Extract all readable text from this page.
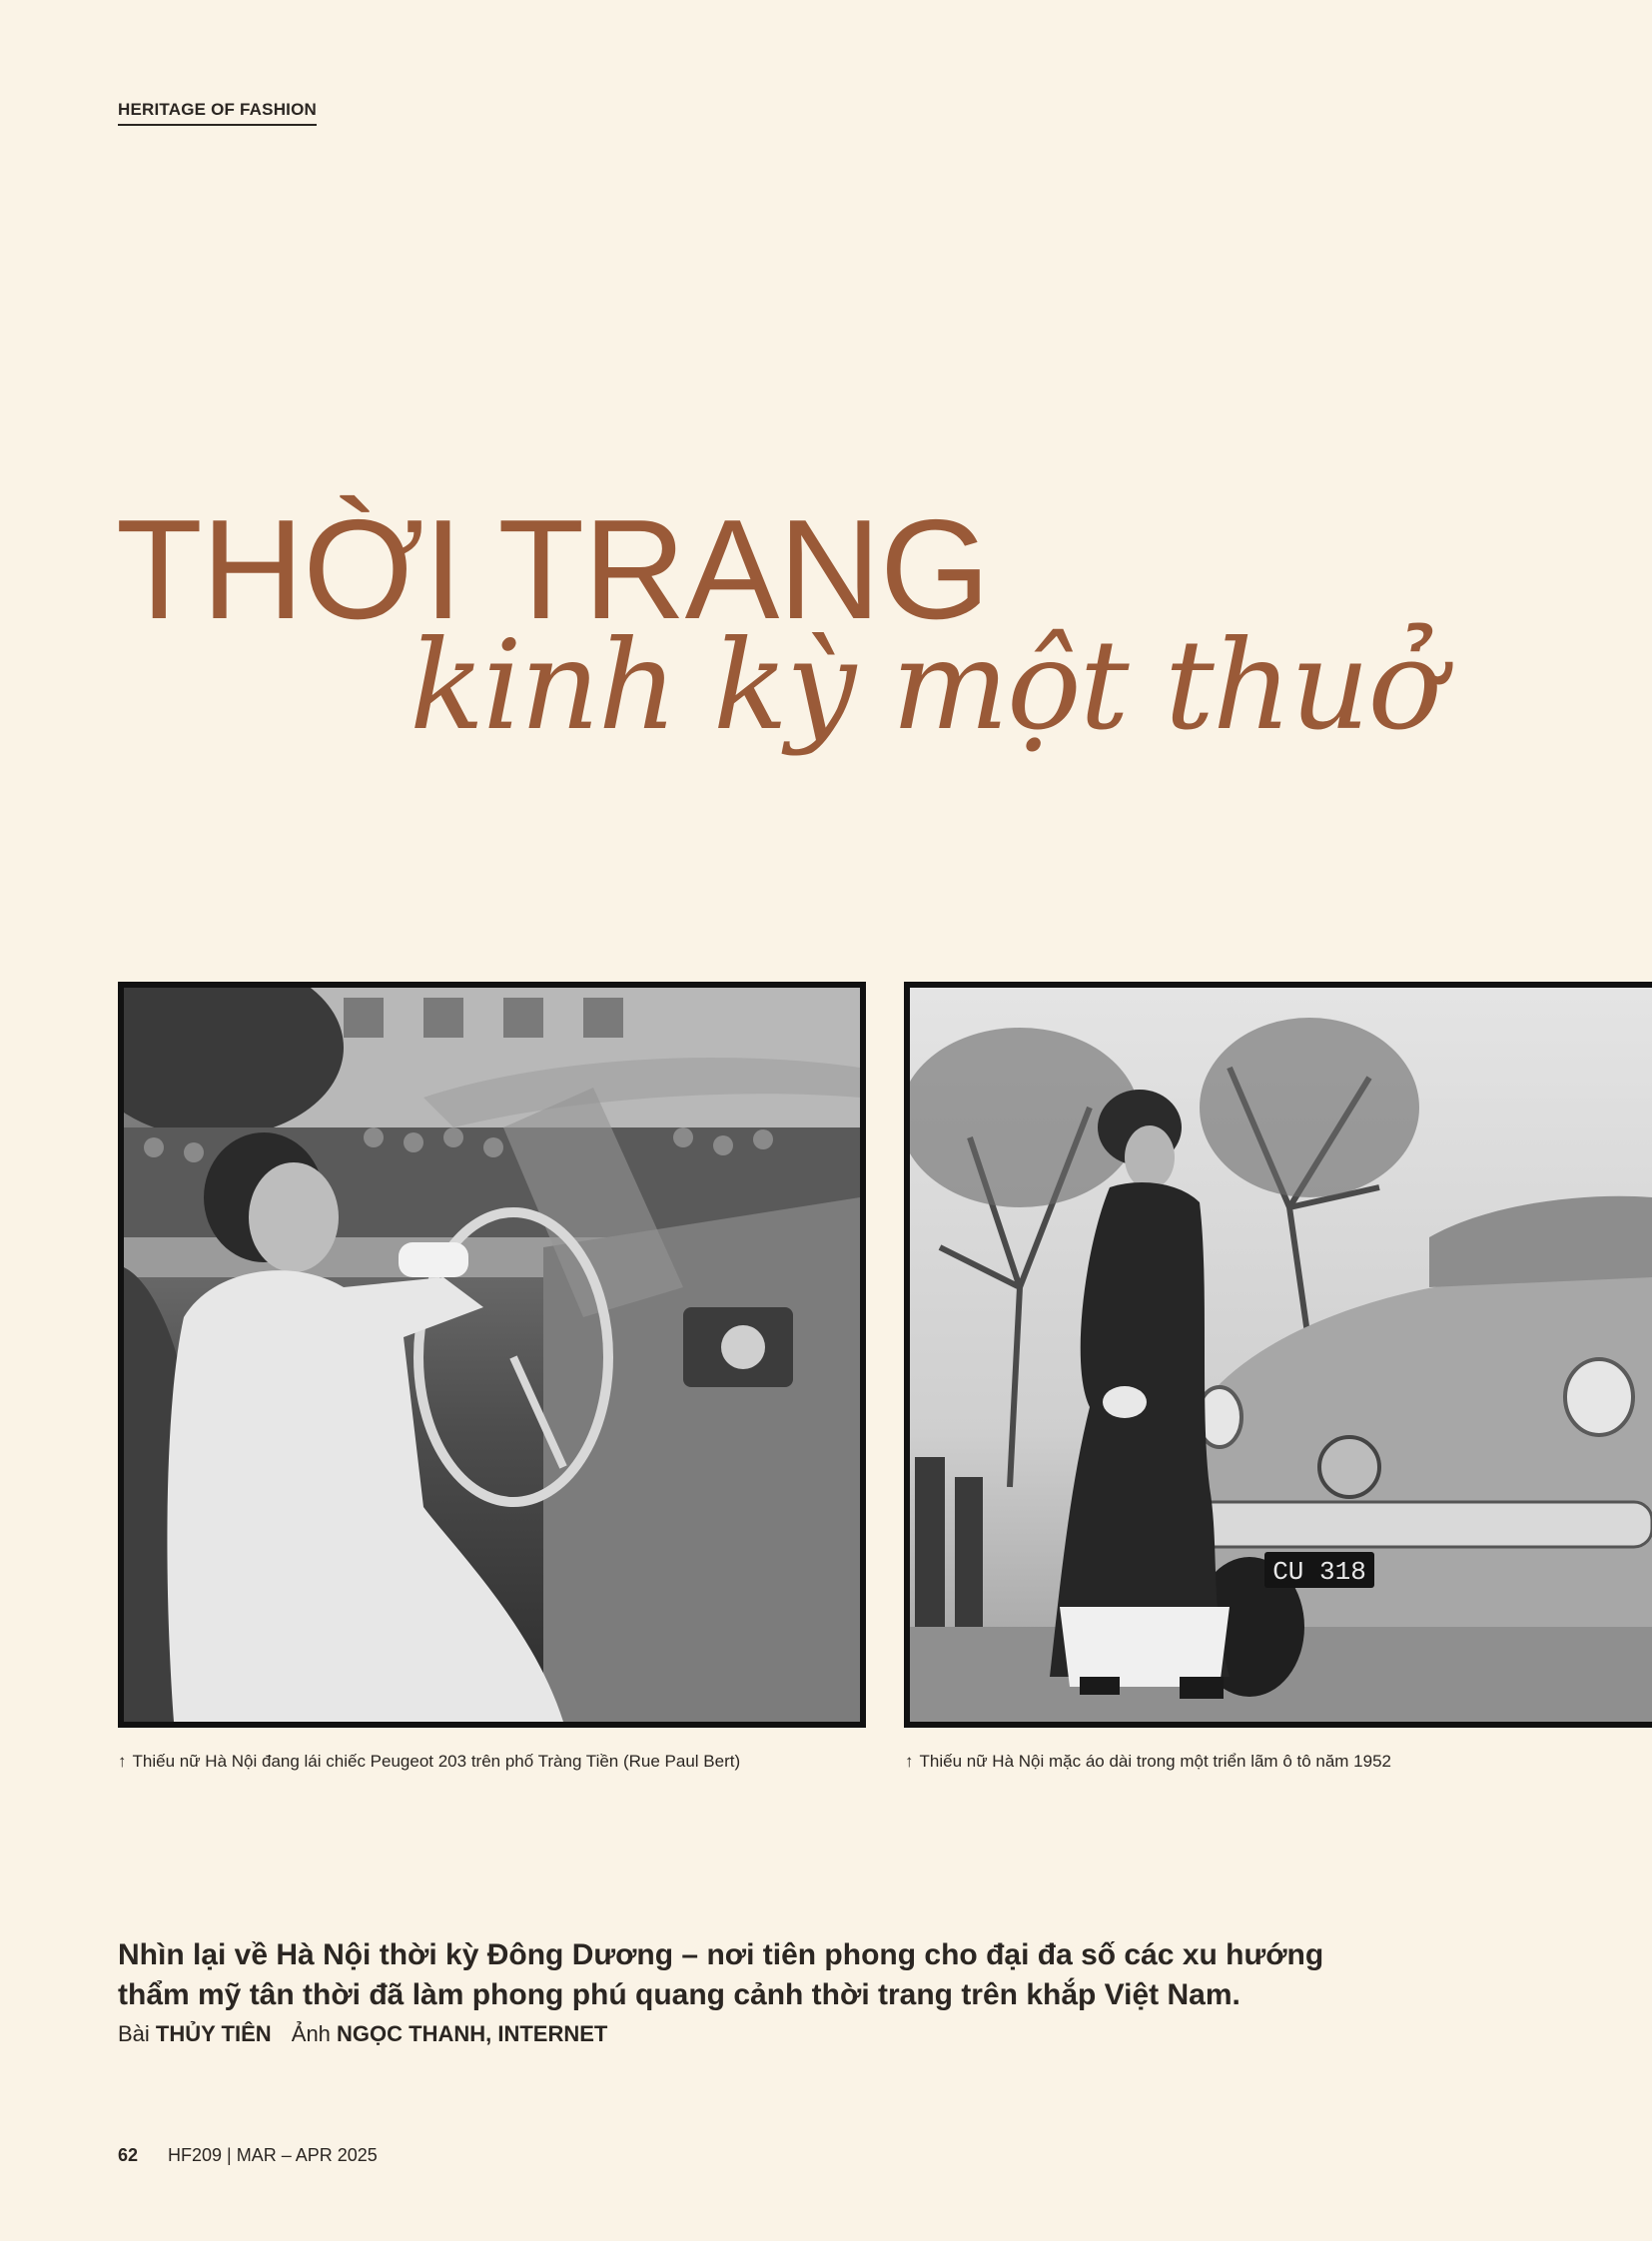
HERITAGE OF FASHION
THỜI TRANG
kinh kỳ một thuở
CU 318
↑ Thiếu nữ Hà Nội đang lái chiếc Peugeot 203 trên phố Tràng Tiền (Rue Paul Bert)	↑ Thiếu nữ Hà Nội mặc áo dài trong một triển lãm ô tô năm 1952
Nhìn lại về Hà Nội thời kỳ Đông Dương – nơi tiên phong cho đại đa số các xu hướng thẩm mỹ tân thời đã làm phong phú quang cảnh thời trang trên khắp Việt Nam.
Bài THỦY TIÊN Ảnh NGỌC THANH, INTERNET
62 HF209 | MAR – APR 2025
